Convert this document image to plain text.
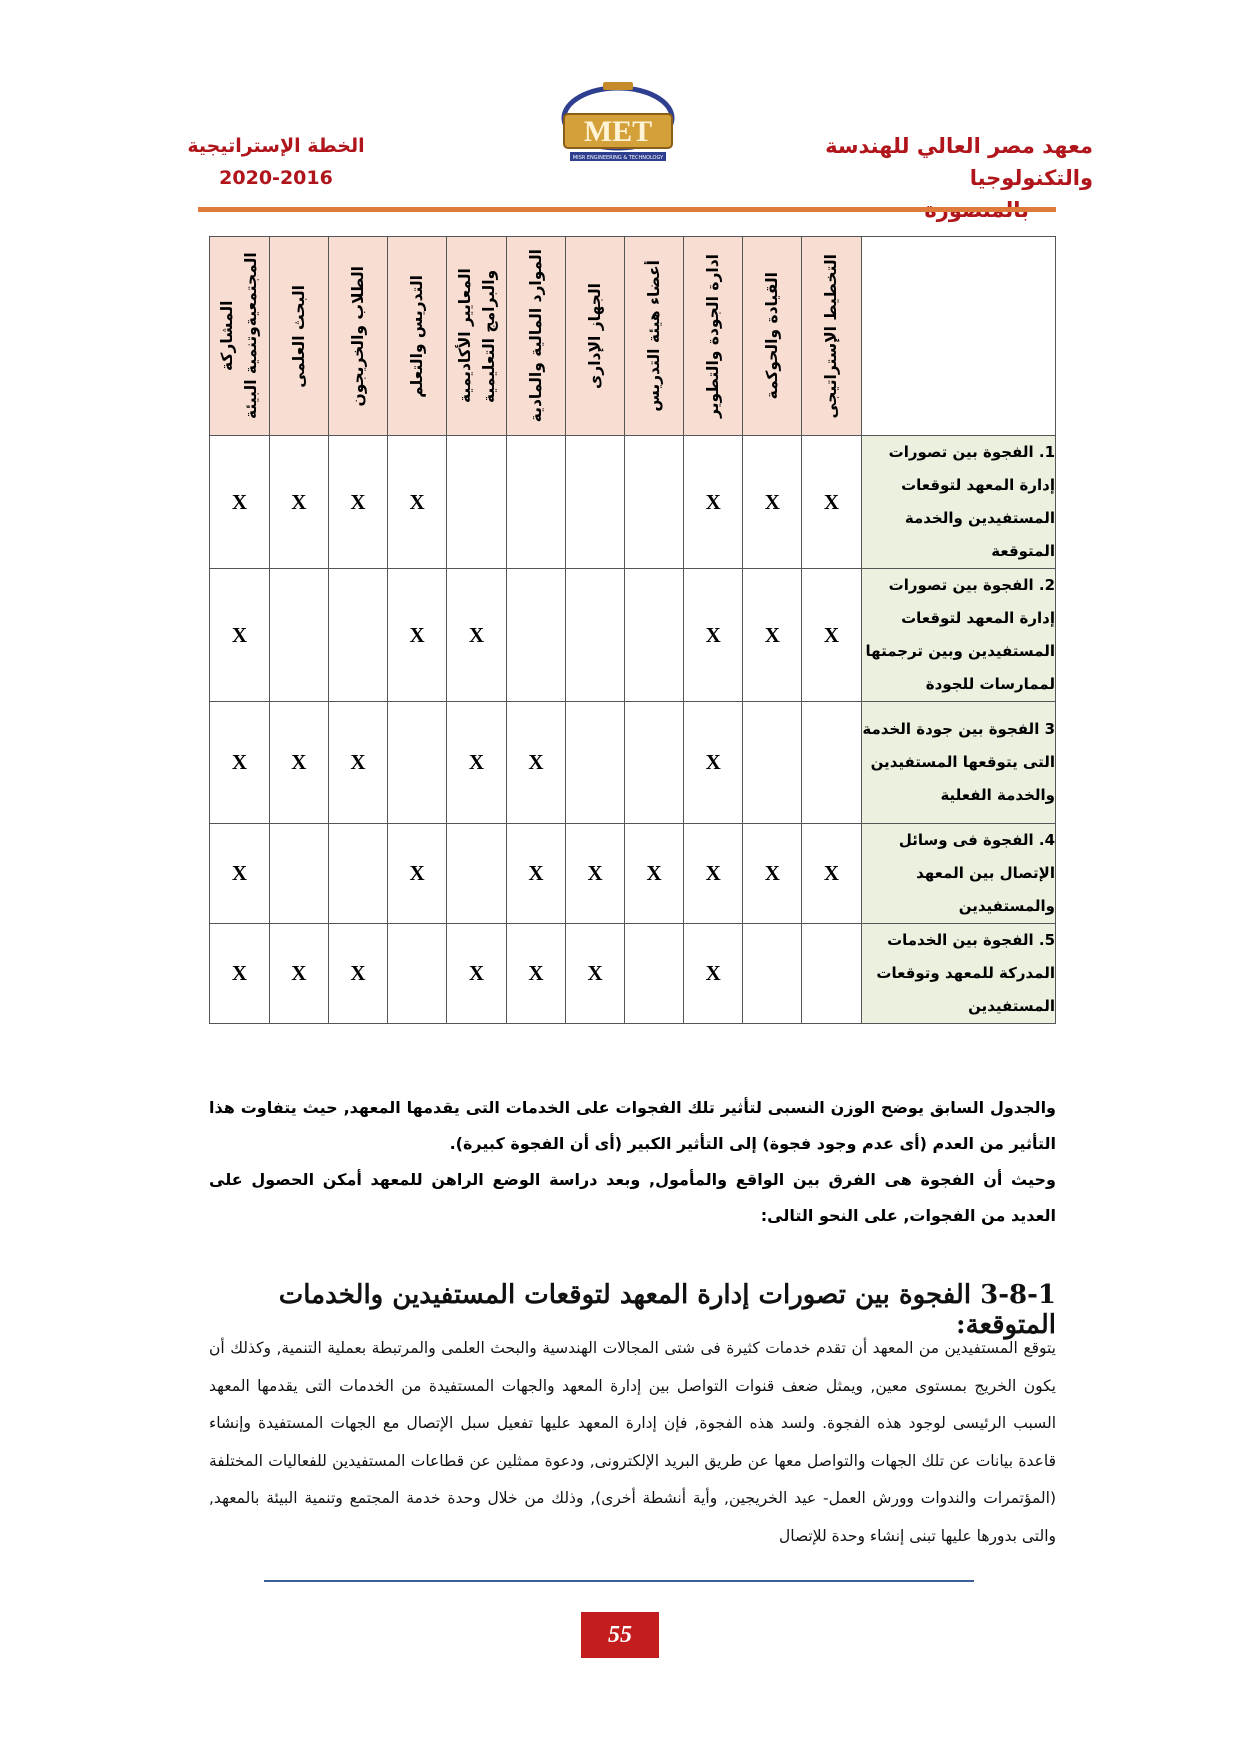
معهد مصر العالي للهندسة والتكنولوجيا
MET
MISR ENGINEERING & TECHNOLOGY
الخطة الإستراتيجية
2020-2016

	التخطيط الإستراتيجى	القيادة والحوكمة	ادارة الجودة والتطوير	أعضاء هيئة التدريس	الجهاز الإدارى	الموارد المالية والمادية	المعايير الأكاديمية والبرامج التعليمية	التدريس والتعلم	الطلاب والخريجون	البحث العلمى	المشاركة المجتمعيةوتنمية البيئة

1. الفجوة بين تصورات إدارة المعهد لتوقعات المستفيدين والخدمة المتوقعة	X	X	X					X	X	X	X
2. الفجوة بين تصورات إدارة المعهد لتوقعات المستفيدين وبين ترجمتها لممارسات للجودة	X	X	X				X	X			X
3 الفجوة بين جودة الخدمة التى يتوقعها المستفيدين والخدمة الفعلية			X			X	X		X	X	X
4. الفجوة فى وسائل الإتصال بين المعهد والمستفيدين	X	X	X	X	X	X		X			X
5. الفجوة بين الخدمات المدركة للمعهد وتوقعات المستفيدين			X		X	X	X		X	X	X
والجدول السابق يوضح الوزن النسبى لتأثير تلك الفجوات على الخدمات التى يقدمها المعهد, حيث يتفاوت هذا التأثير من العدم (أى عدم وجود فجوة) إلى التأثير الكبير (أى أن الفجوة كبيرة).
وحيث أن الفجوة هى الفرق بين الواقع والمأمول, وبعد دراسة الوضع الراهن للمعهد أمكن الحصول على العديد من الفجوات, على النحو التالى:
3-8-1 الفجوة بين تصورات إدارة المعهد لتوقعات المستفيدين والخدمات المتوقعة:
يتوقع المستفيدين من المعهد أن تقدم خدمات كثيرة فى شتى المجالات الهندسية والبحث العلمى والمرتبطة بعملية التنمية, وكذلك أن يكون الخريج بمستوى معين, ويمثل ضعف قنوات التواصل بين إدارة المعهد والجهات المستفيدة من الخدمات التى يقدمها المعهد السبب الرئيسى لوجود هذه الفجوة. ولسد هذه الفجوة, فإن إدارة المعهد عليها تفعيل سبل الإتصال مع الجهات المستفيدة وإنشاء قاعدة بيانات عن تلك الجهات والتواصل معها عن طريق البريد الإلكترونى, ودعوة ممثلين عن قطاعات المستفيدين للفعاليات المختلفة (المؤتمرات والندوات وورش العمل- عيد الخريجين, وأية أنشطة أخرى), وذلك من خلال وحدة خدمة المجتمع وتنمية البيئة بالمعهد, والتى بدورها عليها تبنى إنشاء وحدة للإتصال
55
